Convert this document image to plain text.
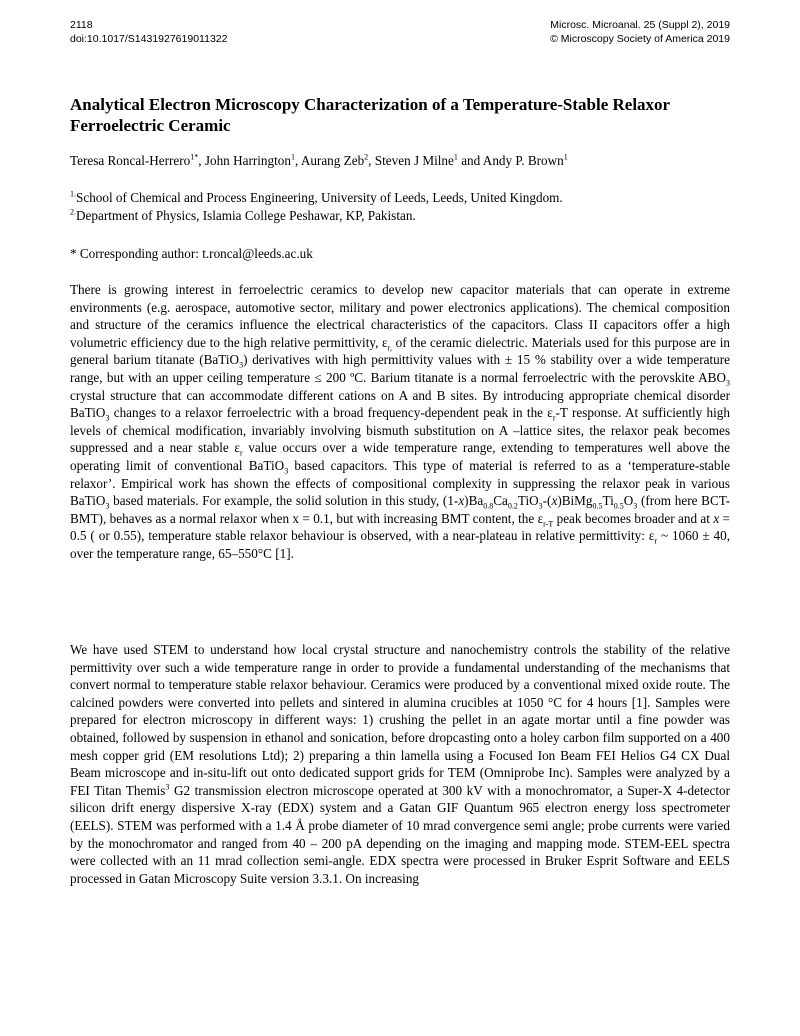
2118
doi:10.1017/S1431927619011322
Microsc. Microanal. 25 (Suppl 2), 2019
© Microscopy Society of America 2019
Analytical Electron Microscopy Characterization of a Temperature-Stable Relaxor Ferroelectric Ceramic
Teresa Roncal-Herrero$^{1*}$, John Harrington$^1$, Aurang Zeb$^2$, Steven J Milne$^1$ and Andy P. Brown$^1$
$^{1.}$School of Chemical and Process Engineering, University of Leeds, Leeds, United Kingdom.
$^{2.}$Department of Physics, Islamia College Peshawar, KP, Pakistan.
* Corresponding author: t.roncal@leeds.ac.uk
There is growing interest in ferroelectric ceramics to develop new capacitor materials that can operate in extreme environments (e.g. aerospace, automotive sector, military and power electronics applications). The chemical composition and structure of the ceramics influence the electrical characteristics of the capacitors. Class II capacitors offer a high volumetric efficiency due to the high relative permittivity, $\varepsilon_{r,}$ of the ceramic dielectric. Materials used for this purpose are in general barium titanate (BaTiO$_3$) derivatives with high permittivity values with ± 15 % stability over a wide temperature range, but with an upper ceiling temperature ≤ 200 ºC. Barium titanate is a normal ferroelectric with the perovskite $ABO_3$ crystal structure that can accommodate different cations on A and B sites. By introducing appropriate chemical disorder BaTiO$_3$ changes to a relaxor ferroelectric with a broad frequency-dependent peak in the $\varepsilon_r-T$ response. At sufficiently high levels of chemical modification, invariably involving bismuth substitution on A –lattice sites, the relaxor peak becomes suppressed and a near stable $\varepsilon_r$ value occurs over a wide temperature range, extending to temperatures well above the operating limit of conventional BaTiO$_3$ based capacitors. This type of material is referred to as a ‘temperature-stable relaxor’. Empirical work has shown the effects of compositional complexity in suppressing the relaxor peak in various BaTiO$_3$ based materials. For example, the solid solution in this study, $(1-x)Ba_{0.8}Ca_{0.2}TiO_3-(x)BiMg_{0.5}Ti_{0.5}O_3$ (from here BCT-BMT), behaves as a normal relaxor when x = 0.1, but with increasing BMT content, the $\varepsilon_{r-T}$ peak becomes broader and at x = 0.5 ( or 0.55), temperature stable relaxor behaviour is observed, with a near-plateau in relative permittivity: $\varepsilon_r$ ~ 1060 ± 40, over the temperature range, 65–550°C [1].
We have used STEM to understand how local crystal structure and nanochemistry controls the stability of the relative permittivity over such a wide temperature range in order to provide a fundamental understanding of the mechanisms that convert normal to temperature stable relaxor behaviour. Ceramics were produced by a conventional mixed oxide route. The calcined powders were converted into pellets and sintered in alumina crucibles at 1050 °C for 4 hours [1]. Samples were prepared for electron microscopy in different ways: 1) crushing the pellet in an agate mortar until a fine powder was obtained, followed by suspension in ethanol and sonication, before dropcasting onto a holey carbon film supported on a 400 mesh copper grid (EM resolutions Ltd); 2) preparing a thin lamella using a Focused Ion Beam FEI Helios G4 CX Dual Beam microscope and in-situ-lift out onto dedicated support grids for TEM (Omniprobe Inc). Samples were analyzed by a FEI Titan Themis$^3$ G2 transmission electron microscope operated at 300 kV with a monochromator, a Super-X 4-detector silicon drift energy dispersive X-ray (EDX) system and a Gatan GIF Quantum 965 electron energy loss spectrometer (EELS). STEM was performed with a 1.4 Å probe diameter of 10 mrad convergence semi angle; probe currents were varied by the monochromator and ranged from 40 – 200 pA depending on the imaging and mapping mode. STEM-EEL spectra were collected with an 11 mrad collection semi-angle. EDX spectra were processed in Bruker Esprit Software and EELS processed in Gatan Microscopy Suite version 3.3.1. On increasing
